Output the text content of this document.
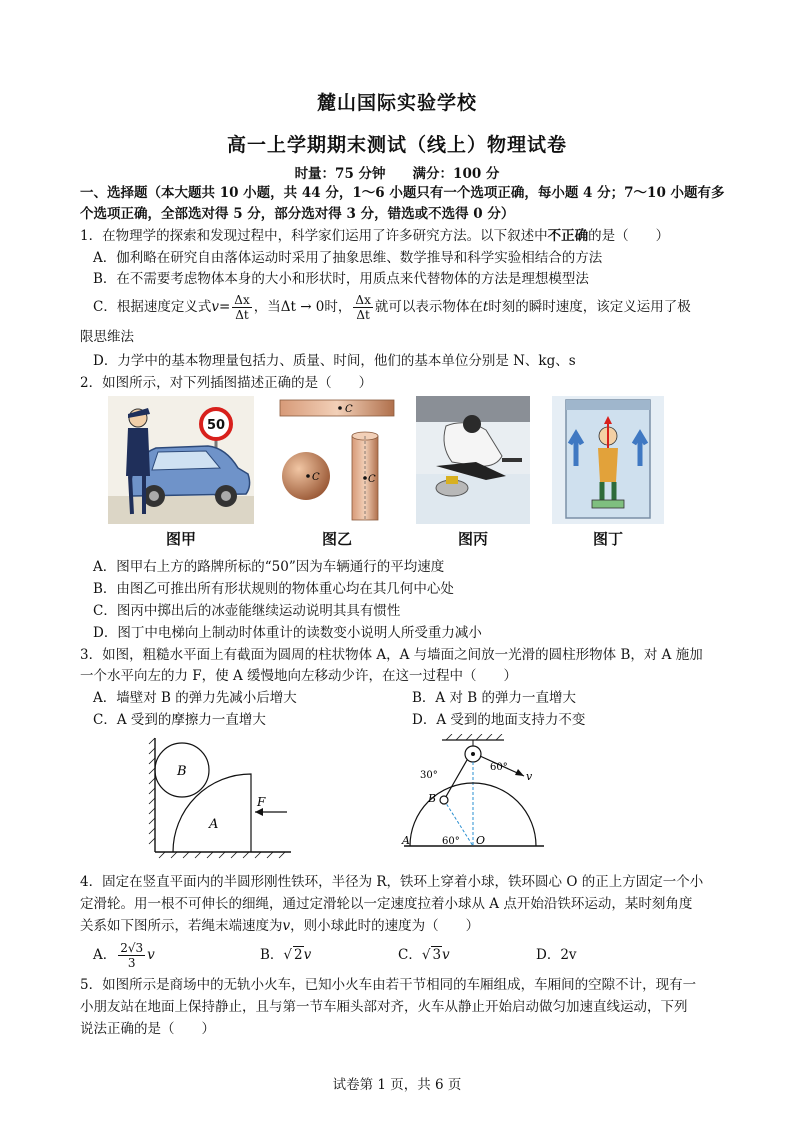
麓山国际实验学校
高一上学期期末测试（线上）物理试卷
时量：75 分钟　　满分：100 分
一、选择题（本大题共 10 小题，共 44 分，1～6 小题只有一个选项正确，每小题 4 分；7～10 小题有多
个选项正确，全部选对得 5 分，部分选对得 3 分，错选或不选得 0 分）
1．在物理学的探索和发现过程中，科学家们运用了许多研究方法。以下叙述中不正确的是（　　）
A．伽利略在研究自由落体运动时采用了抽象思维、数学推导和科学实验相结合的方法
B．在不需要考虑物体本身的大小和形状时，用质点来代替物体的方法是理想模型法
C．根据速度定义式$v= \frac{\Delta x}{\Delta t}$ ，当Δt → 0时， $\frac{\Delta x}{\Delta t}$ 就可以表示物体在t时刻的瞬时速度，该定义运用了极
限思维法
D．力学中的基本物理量包括力、质量、时间，他们的基本单位分别是 N、kg、s
2．如图所示，对下列插图描述正确的是（　　）
50
图甲
C
C	C
图乙	图丙	图丁
A．图甲右上方的路牌所标的“50”因为车辆通行的平均速度
B．由图乙可推出所有形状规则的物体重心均在其几何中心处
C．图丙中掷出后的冰壶能继续运动说明其具有惯性
D．图丁中电梯向上制动时体重计的读数变小说明人所受重力减小
3．如图，粗糙水平面上有截面为圆周的柱状物体 A，A 与墙面之间放一光滑的圆柱形物体 B，对 A 施加
一个水平向左的力 F，使 A 缓慢地向左移动少许，在这一过程中（　　）
A．墙壁对 B 的弹力先减小后增大	B．A 对 B 的弹力一直增大
C．A 受到的摩擦力一直增大	D．A 受到的地面支持力不变
B
A
F
v
60°
30°
B
A	O
60°
4．固定在竖直平面内的半圆形刚性铁环，半径为 R，铁环上穿着小球，铁环圆心 O 的正上方固定一个小
定滑轮。用一根不可伸长的细绳，通过定滑轮以一定速度拉着小球从 A 点开始沿铁环运动，某时刻角度
关系如下图所示，若绳末端速度为v，则小球此时的速度为（　　）
A． $\frac{2√3}{3}$ v	B．√ 2v	C．√ 3v	D．2v
5．如图所示是商场中的无轨小火车，已知小火车由若干节相同的车厢组成，车厢间的空隙不计，现有一
小朋友站在地面上保持静止，且与第一节车厢头部对齐，火车从静止开始启动做匀加速直线运动，下列
说法正确的是（　　）
试卷第 1 页，共 6 页
